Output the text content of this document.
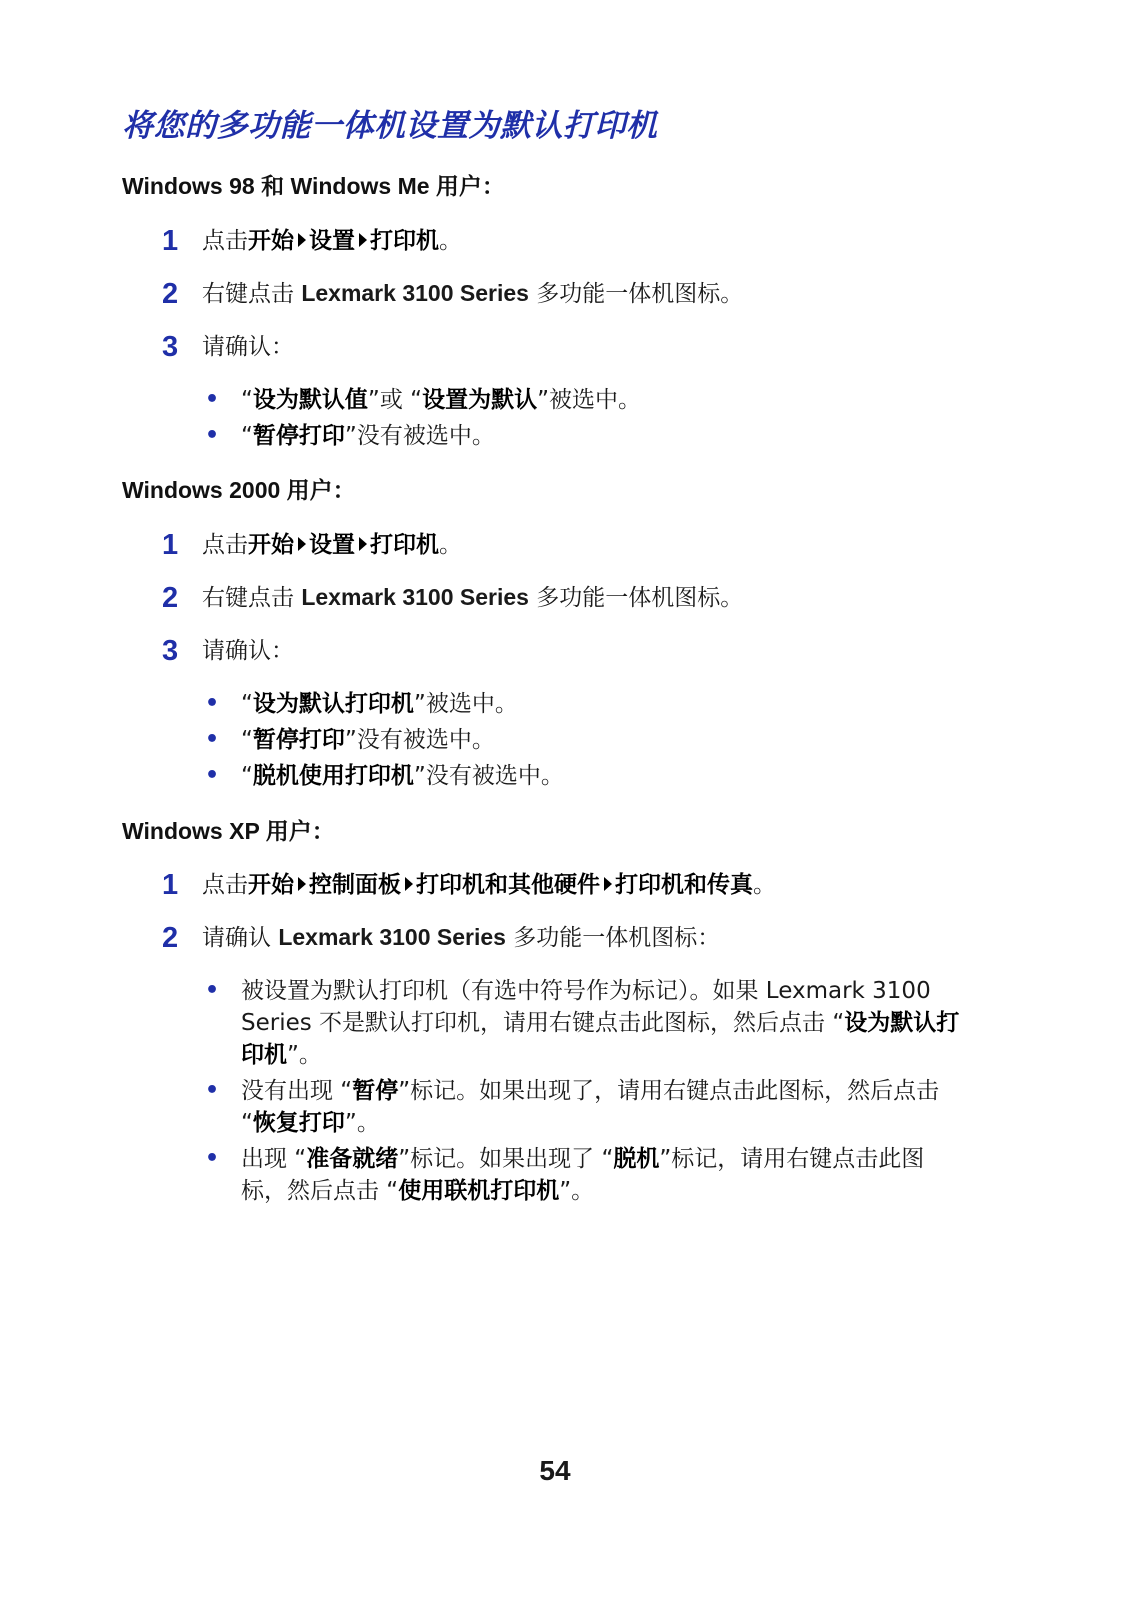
将您的多功能一体机设置为默认打印机
Windows 98 和 Windows Me 用户：
1 点击开始 设置 打印机。
2 右键点击 Lexmark 3100 Series 多功能一体机图标。
3 请确认：
• “设为默认值”或 “设置为默认”被选中。
• “暂停打印”没有被选中。
Windows 2000 用户：
1 点击开始 设置 打印机。
2 右键点击 Lexmark 3100 Series 多功能一体机图标。
3 请确认：
• “设为默认打印机”被选中。
• “暂停打印”没有被选中。
• “脱机使用打印机”没有被选中。
Windows XP 用户：
1 点击开始 控制面板 打印机和其他硬件 打印机和传真。
2 请确认 Lexmark 3100 Series 多功能一体机图标：
• 被设置为默认打印机（有选中符号作为标记）。如果 Lexmark 3100 Series 不是默认打印机，请用右键点击此图标，然后点击 “设为默认打印机”。
• 没有出现 “暂停”标记。如果出现了，请用右键点击此图标，然后点击 “恢复打印”。
• 出现 “准备就绪”标记。如果出现了 “脱机”标记，请用右键点击此图标，然后点击 “使用联机打印机”。
54
